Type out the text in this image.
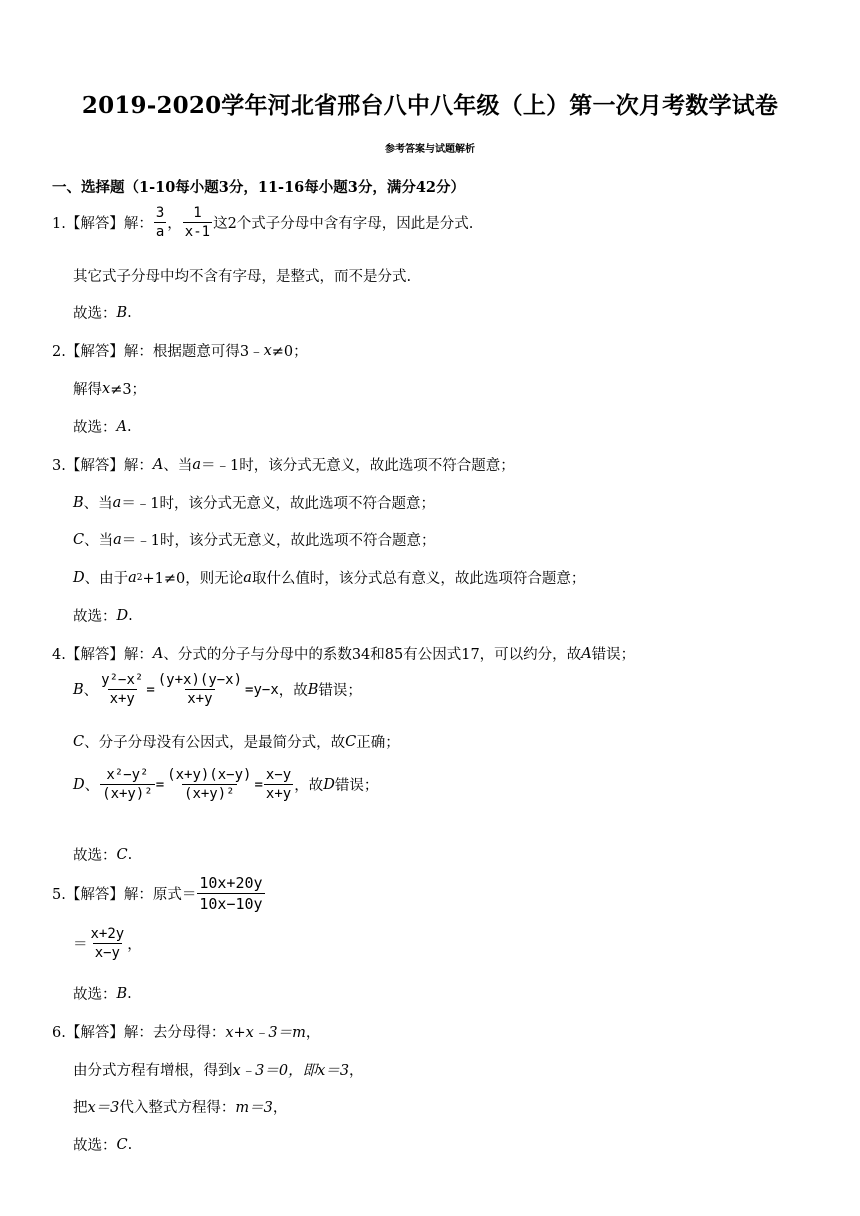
2019-2020学年河北省邢台八中八年级（上）第一次月考数学试卷
参考答案与试题解析
一、选择题（1-10每小题3分，11-16每小题3分，满分42分）
1.【解答】解： $\frac{3}{a}$ ， $\frac{1}{x-1}$ 这2个式子分母中含有字母，因此是分式.
其它式子分母中均不含有字母，是整式，而不是分式.
故选： B .
2.【解答】解： 根据题意可得3﹣ x ≠0；
解得 x ≠3；
故选： A .
3.【解答】解： A 、当 a ＝﹣1时，该分式无意义，故此选项不符合题意；
B 、当 a ＝﹣1时，该分式无意义，故此选项不符合题意；
C 、当 a ＝﹣1时，该分式无意义，故此选项不符合题意；
D 、由于 a 2 +1≠0，则无论 a 取什么值时，该分式总有意义，故此选项符合题意；
故选： D .
4.【解答】解： A 、分式的分子与分母中的系数34和85有公因式17，可以约分，故 A 错误；
B 、 $\frac{\text{y²−x²}}{x+y} = \frac{(y+x)(y-x)}{x+y} =y-x$ ，故 B 错误；
C 、分子分母没有公因式，是最简分式，故 C 正确；
D 、 $\frac{\text{x²−y²}}{\text{(x+y)²}} = \frac{(x+y)(x-y)}{\text{(x+y)²}} = \frac{x-y}{x+y}$ ，故 D 错误；
故选： C .
5.【解答】解：原式＝ $\frac{10x+20y}{10x-10y}$
＝ $\frac{x+2y}{x-y}$ ，
故选： B .
6.【解答】解：去分母得： x+x﹣3＝m ，
由分式方程有增根，得到 x﹣3＝0，即 x＝3 ，
把 x＝3 代入整式方程得： m＝3 ，
故选： C .
